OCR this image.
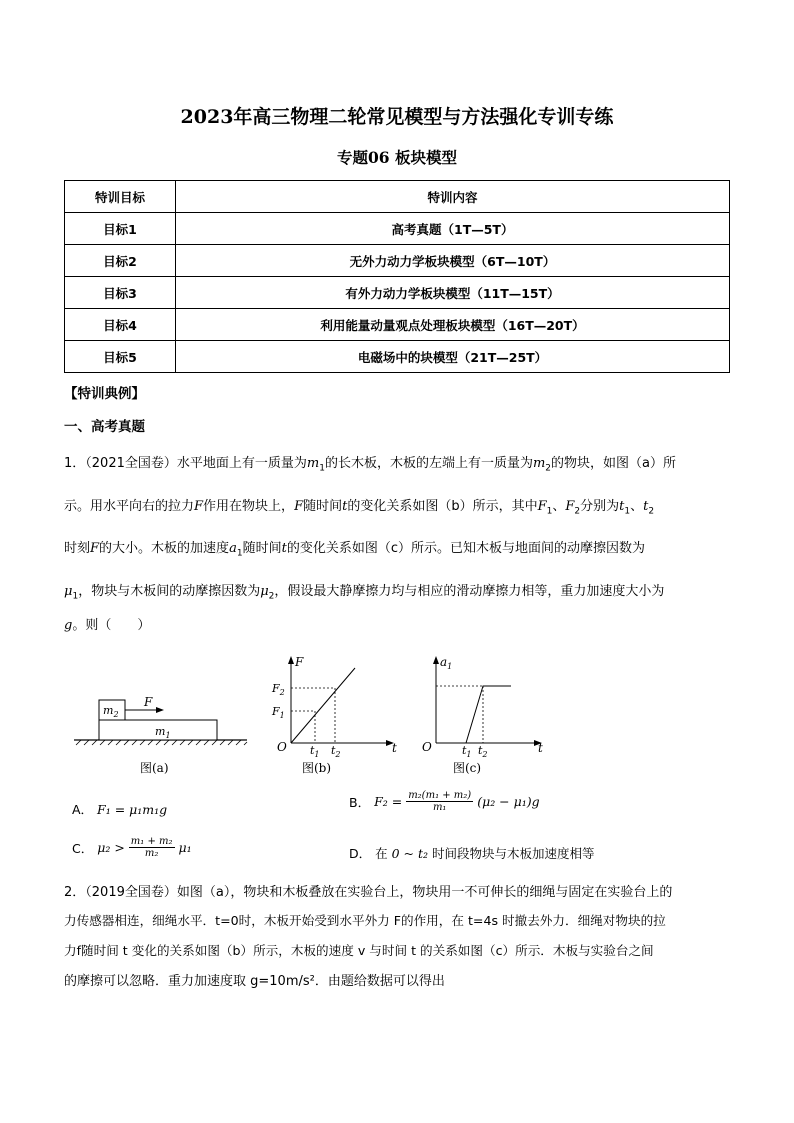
2023年高三物理二轮常见模型与方法强化专训专练
专题06 板块模型
特训目标	特训内容
目标1	高考真题（1T—5T）
目标2	无外力动力学板块模型（6T—10T）
目标3	有外力动力学板块模型（11T—15T）
目标4	利用能量动量观点处理板块模型（16T—20T）
目标5	电磁场中的块模型（21T—25T）
【特训典例】
一、高考真题
1．（2021全国卷）水平地面上有一质量为$m_1$的长木板，木板的左端上有一质量为$m_2$的物块，如图（a）所
示。用水平向右的拉力F作用在物块上，F随时间t的变化关系如图（b）所示，其中$F_1$、$F_2$分别为$t_1$、$t_2$
时刻F的大小。木板的加速度$a_1$随时间t的变化关系如图（c）所示。已知木板与地面间的动摩擦因数为
$\mu_1$，物块与木板间的动摩擦因数为$\mu_2$，假设最大静摩擦力均与相应的滑动摩擦力相等，重力加速度大小为
g。则（　　）
$m_1$
$m_2$
F
F
O	t
$F_2$
$F_1$
$t_1$ $t_2$
$a_1$
O	t
$t_1$ $t_2$
图(a)	图(b)	图(c)
A． F₁ = μ₁m₁g	B． $F_2 = \frac{\text{m₂(m₁ + m₂)}}{\text{m₁}} (\mu_2 - \mu_1)g$
C． $\mu_2 > \frac{\text{m₁ + m₂}}{\text{m₂}} \mu_1$	D． 在 0 ~ t₂ 时间段物块与木板加速度相等
2．（2019全国卷）如图（a），物块和木板叠放在实验台上，物块用一不可伸长的细绳与固定在实验台上的
力传感器相连，细绳水平．t=0时，木板开始受到水平外力 F的作用，在 t=4s 时撤去外力．细绳对物块的拉
力f随时间 t 变化的关系如图（b）所示，木板的速度 v 与时间 t 的关系如图（c）所示．木板与实验台之间
的摩擦可以忽略．重力加速度取 g=10m/s²．由题给数据可以得出
